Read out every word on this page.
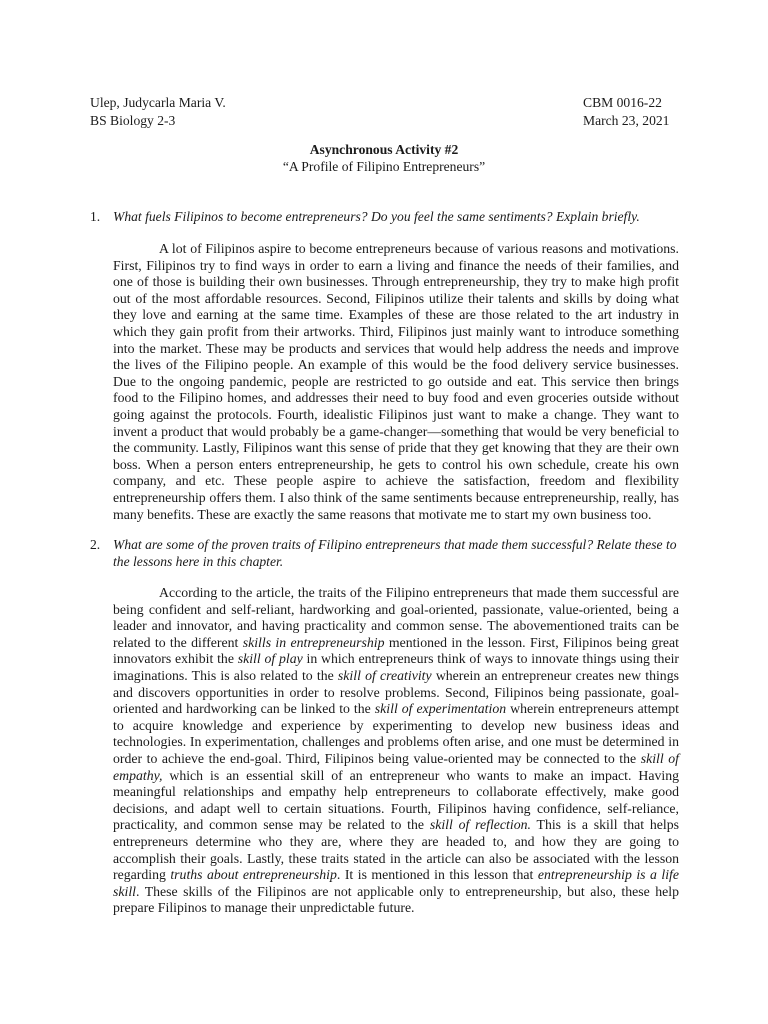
Ulep, Judycarla Maria V.
BS Biology 2-3
CBM 0016-22
March 23, 2021
Asynchronous Activity #2
“A Profile of Filipino Entrepreneurs”
1. What fuels Filipinos to become entrepreneurs? Do you feel the same sentiments? Explain briefly.

A lot of Filipinos aspire to become entrepreneurs because of various reasons and motivations. First, Filipinos try to find ways in order to earn a living and finance the needs of their families, and one of those is building their own businesses. Through entrepreneurship, they try to make high profit out of the most affordable resources. Second, Filipinos utilize their talents and skills by doing what they love and earning at the same time. Examples of these are those related to the art industry in which they gain profit from their artworks. Third, Filipinos just mainly want to introduce something into the market. These may be products and services that would help address the needs and improve the lives of the Filipino people. An example of this would be the food delivery service businesses. Due to the ongoing pandemic, people are restricted to go outside and eat. This service then brings food to the Filipino homes, and addresses their need to buy food and even groceries outside without going against the protocols. Fourth, idealistic Filipinos just want to make a change. They want to invent a product that would probably be a game-changer—something that would be very beneficial to the community. Lastly, Filipinos want this sense of pride that they get knowing that they are their own boss. When a person enters entrepreneurship, he gets to control his own schedule, create his own company, and etc. These people aspire to achieve the satisfaction, freedom and flexibility entrepreneurship offers them. I also think of the same sentiments because entrepreneurship, really, has many benefits. These are exactly the same reasons that motivate me to start my own business too.

2. What are some of the proven traits of Filipino entrepreneurs that made them successful? Relate these to the lessons here in this chapter.

According to the article, the traits of the Filipino entrepreneurs that made them successful are being confident and self-reliant, hardworking and goal-oriented, passionate, value-oriented, being a leader and innovator, and having practicality and common sense. The abovementioned traits can be related to the different skills in entrepreneurship mentioned in the lesson. First, Filipinos being great innovators exhibit the skill of play in which entrepreneurs think of ways to innovate things using their imaginations. This is also related to the skill of creativity wherein an entrepreneur creates new things and discovers opportunities in order to resolve problems. Second, Filipinos being passionate, goal-oriented and hardworking can be linked to the skill of experimentation wherein entrepreneurs attempt to acquire knowledge and experience by experimenting to develop new business ideas and technologies. In experimentation, challenges and problems often arise, and one must be determined in order to achieve the end-goal. Third, Filipinos being value-oriented may be connected to the skill of empathy, which is an essential skill of an entrepreneur who wants to make an impact. Having meaningful relationships and empathy help entrepreneurs to collaborate effectively, make good decisions, and adapt well to certain situations. Fourth, Filipinos having confidence, self-reliance, practicality, and common sense may be related to the skill of reflection. This is a skill that helps entrepreneurs determine who they are, where they are headed to, and how they are going to accomplish their goals. Lastly, these traits stated in the article can also be associated with the lesson regarding truths about entrepreneurship. It is mentioned in this lesson that entrepreneurship is a life skill. These skills of the Filipinos are not applicable only to entrepreneurship, but also, these help prepare Filipinos to manage their unpredictable future.
